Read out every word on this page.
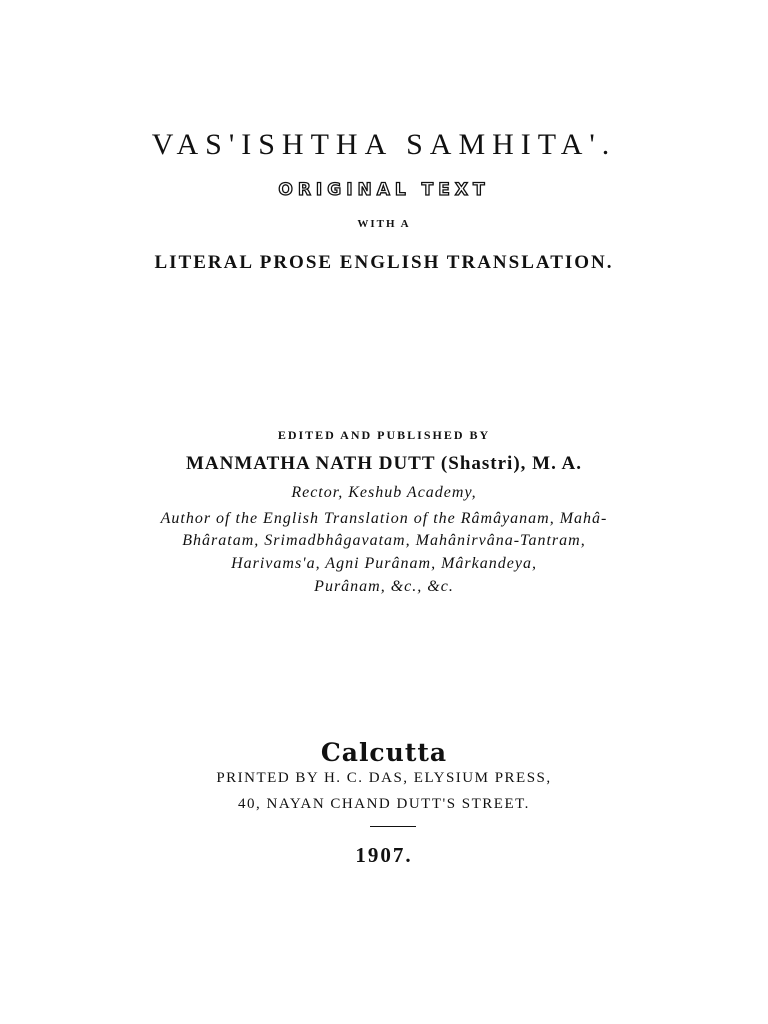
VAS'ISHTHA SAMHITA'.
ORIGINAL TEXT
WITH A
LITERAL PROSE ENGLISH TRANSLATION.
EDITED AND PUBLISHED BY
MANMATHA NATH DUTT (Shastri), M. A.
Rector, Keshub Academy,
Author of the English Translation of the Râmâyanam, Mahâ-
Bhâratam, Srimadbhâgavatam, Mahânirvâna-Tantram,
Harivams'a, Agni Purânam, Mârkandeya,
Purânam, &c., &c.
Calcutta
PRINTED BY H. C. DAS, ELYSIUM PRESS,
40, NAYAN CHAND DUTT'S STREET.
1907.
